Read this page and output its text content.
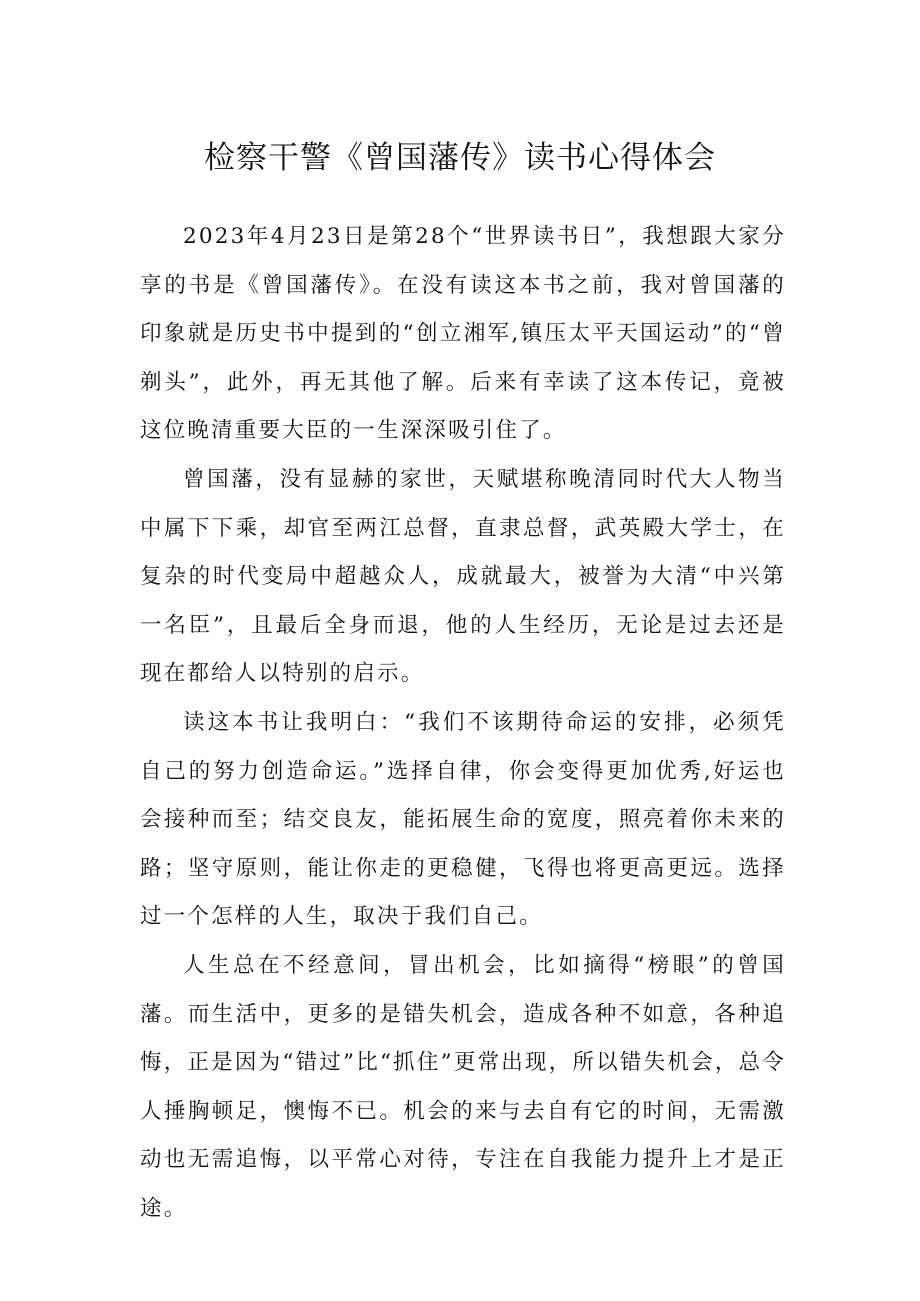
检察干警《曾国藩传》读书心得体会

2023年4月23日是第28个“世界读书日”，我想跟大家分享的书是《曾国藩传》。在没有读这本书之前，我对曾国藩的印象就是历史书中提到的“创立湘军,镇压太平天国运动”的“曾剃头”，此外，再无其他了解。后来有幸读了这本传记，竟被这位晚清重要大臣的一生深深吸引住了。

曾国藩，没有显赫的家世，天赋堪称晚清同时代大人物当中属下下乘，却官至两江总督，直隶总督，武英殿大学士，在复杂的时代变局中超越众人，成就最大，被誉为大清“中兴第一名臣”，且最后全身而退，他的人生经历，无论是过去还是现在都给人以特别的启示。

读这本书让我明白：“我们不该期待命运的安排，必须凭自己的努力创造命运。”选择自律，你会变得更加优秀,好运也会接种而至；结交良友，能拓展生命的宽度，照亮着你未来的路；坚守原则，能让你走的更稳健，飞得也将更高更远。选择过一个怎样的人生，取决于我们自己。

人生总在不经意间，冒出机会，比如摘得“榜眼”的曾国藩。而生活中，更多的是错失机会，造成各种不如意，各种追悔，正是因为“错过”比“抓住”更常出现，所以错失机会，总令人捶胸顿足，懊悔不已。机会的来与去自有它的时间，无需激动也无需追悔，以平常心对待，专注在自我能力提升上才是正途。
